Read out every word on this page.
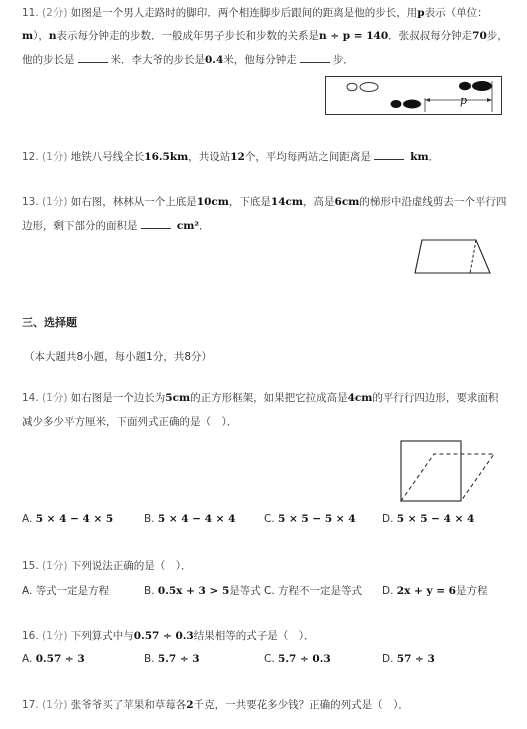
11. (2分) 如图是一个男人走路时的脚印．两个相连脚步后跟间的距离是他的步长，用p表示（单位：
m），n表示每分钟走的步数．一般成年男子步长和步数的关系是n ÷ p = 140．张叔叔每分钟走70步，
他的步长是	米．李大爷的步长是0.4米，他每分钟走	步．
p
12. (1分) 地铁八号线全长16.5km，共设站12个，平均每两站之间距离是	km．
13. (1分) 如右图，林林从一个上底是10cm，下底是14cm，高是6cm的梯形中沿虚线剪去一个平行四
边形，剩下部分的面积是	cm²．
三、选择题
（本大题共8小题，每小题1分，共8分）
14. (1分) 如右图是一个边长为5cm的正方形框架，如果把它拉成高是4cm的平行行四边形，要求面积
减少多少平方厘米，下面列式正确的是（　）．
A. 5 × 4 − 4 × 5	B. 5 × 4 − 4 × 4	C. 5 × 5 − 5 × 4	D. 5 × 5 − 4 × 4
15. (1分) 下列说法正确的是（　）．
A. 等式一定是方程	B. 0.5x + 3 > 5是等式 C. 方程不一定是等式 D. 2x + y = 6是方程
16. (1分) 下列算式中与0.57 ÷ 0.3结果相等的式子是（　）．
A. 0.57 ÷ 3	B. 5.7 ÷ 3	C. 5.7 ÷ 0.3	D. 57 ÷ 3
17. (1分) 张爷爷买了苹果和草莓各2千克，一共要花多少钱？正确的列式是（　）．
